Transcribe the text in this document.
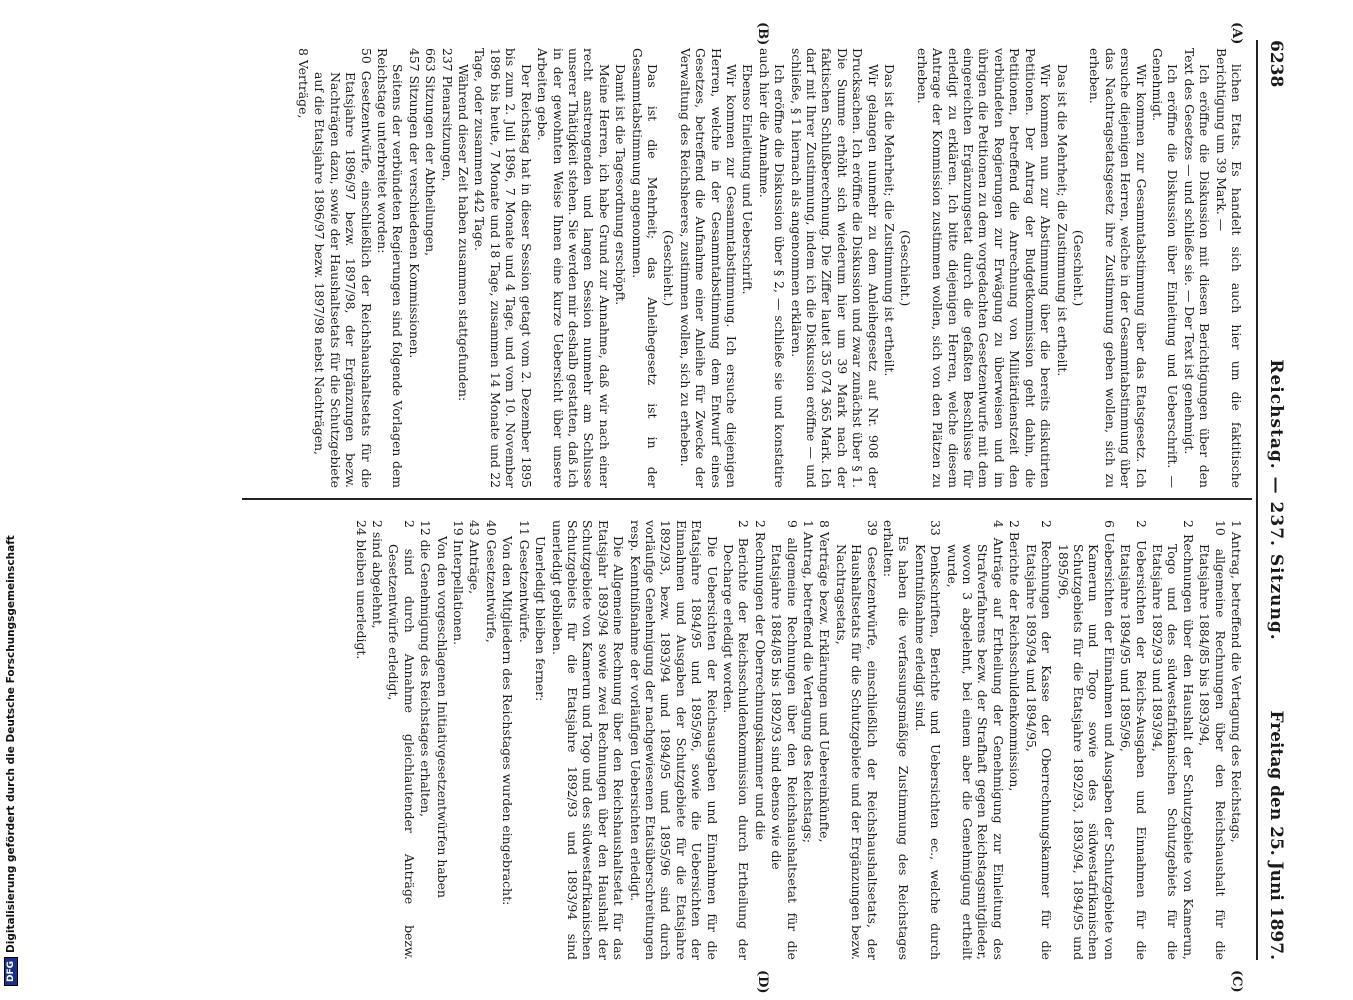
6238
Reichstag. — 237. Sitzung.
Freitag den 25. Juni 1897.
(A)
(B)
(C)
(D)

lichen Etats. Es handelt sich auch hier um die faktitische Berichtigung um 39 Mark. —

Ich eröffne die Diskussion mit diesen Berichtigungen über den Text des Gesetzes — und schließe sie. — Der Text ist genehmigt.

Ich eröffne die Diskussion über Einleitung und Ueberschrift. — Genehmigt.

Wir kommen zur Gesammtabstimmung über das Etatsgesetz. Ich ersuche diejenigen Herren, welche in der Gesammtabstimmung über das Nachtragsetatsgesetz ihre Zustimmung geben wollen, sich zu erheben.

(Geschieht.)

Das ist die Mehrheit; die Zustimmung ist ertheilt.

Wir kommen nun zur Abstimmung über die bereits diskutirten Petitionen. Der Antrag der Budgetkommission geht dahin, die Petitionen, betreffend die Anrechnung von Militärdienstzeit den verbündeten Regierungen zur Erwägung zu überweisen und im übrigen die Petitionen zu dem vorgedachten Gesetzentwurfe mit dem eingereichten Ergänzungsetat durch die gefaßten Beschlüsse für erledigt zu erklären. Ich bitte diejenigen Herren, welche diesem Antrage der Kommission zustimmen wollen, sich von den Plätzen zu erheben.

(Geschieht.)

Das ist die Mehrheit; die Zustimmung ist ertheilt.

Wir gelangen nunmehr zu dem Anleihegesetz auf Nr. 908 der Drucksachen. Ich eröffne die Diskussion und zwar zunächst über § 1. Die Summe erhöht sich wiederum hier um 39 Mark nach der faktischen Schlußberechnung. Die Ziffer lautet 35 074 365 Mark. Ich darf mit Ihrer Zustimmung, indem ich die Diskussion eröffne — und schließe, § 1 hiernach als angenommen erklären.

Ich eröffne die Diskussion über § 2, — schließe sie und konstatire auch hier die Annahme.

Ebenso Einleitung und Ueberschrift.

Wir kommen zur Gesammtabstimmung. Ich ersuche diejenigen Herren, welche in der Gesammtabstimmung dem Entwurf eines Gesetzes, betreffend die Aufnahme einer Anleihe für Zwecke der Verwaltung des Reichsheeres, zustimmen wollen, sich zu erheben.

(Geschieht.)

Das ist die Mehrheit; das Anleihegesetz ist in der Gesammtabstimmung angenommen.

Damit ist die Tagesordnung erschöpft.

Meine Herren, ich habe Grund zur Annahme, daß wir nach einer recht anstrengenden und langen Session nunmehr am Schlusse unserer Thätigkeit stehen. Sie werden mir deshalb gestatten, daß ich in der gewohnten Weise Ihnen eine kurze Uebersicht über unsere Arbeiten gebe.

Der Reichstag hat in dieser Session getagt vom 2. Dezember 1895 bis zum 2. Juli 1896, 7 Monate und 4 Tage, und vom 10. November 1896 bis heute, 7 Monate und 18 Tage, zusammen 14 Monate und 22 Tage, oder zusammen 442 Tage.

Während dieser Zeit haben zusammen stattgefunden:

237 Plenarsitzungen,

663 Sitzungen der Abtheilungen,

457 Sitzungen der verschiedenen Kommissionen.

Seitens der verbündeten Regierungen sind folgende Vorlagen dem Reichstage unterbreitet worden:

50 Gesetzentwürfe, einschließlich der Reichshaushaltsetats für die Etatsjahre 1896/97 bezw. 1897/98, der Ergänzungen bezw. Nachträgen dazu, sowie der Haushaltsetats für die Schutzgebiete auf die Etatsjahre 1896/97 bezw. 1897/98 nebst Nachträgen,

8 Verträge,

1 Antrag, betreffend die Vertagung des Reichstags,

10 allgemeine Rechnungen über den Reichshaushalt für die Etatsjahre 1884/85 bis 1893/94,

2 Rechnungen über den Haushalt der Schutzgebiete von Kamerun, Togo und des südwestafrikanischen Schutzgebiets für die Etatsjahre 1892/93 und 1893/94,

2 Uebersichten der Reichs-Ausgaben und Einnahmen für die Etatsjahre 1894/95 und 1895/96,

6 Uebersichten der Einnahmen und Ausgaben der Schutzgebiete von Kamerun und Togo sowie des südwestafrikanischen Schutzgebiets für die Etatsjahre 1892/93, 1893/94, 1894/95 und 1895/96,

2 Rechnungen der Kasse der Oberrechnungskammer für die Etatsjahre 1893/94 und 1894/95,

2 Berichte der Reichsschuldenkommission,

4 Anträge auf Ertheilung der Genehmigung zur Einleitung des Strafverfahrens bezw. der Strafhaft gegen Reichstagsmitglieder, wovon 3 abgelehnt, bei einem aber die Genehmigung ertheilt wurde,

33 Denkschriften, Berichte und Uebersichten ec., welche durch Kenntnißnahme erledigt sind.

Es haben die verfassungsmäßige Zustimmung des Reichstages erhalten:

39 Gesetzentwürfe, einschließlich der Reichshaushaltsetats, der Haushaltsetats für die Schutzgebiete und der Ergänzungen bezw. Nachtragsetats,

8 Verträge bezw. Erklärungen und Uebereinkünfte,

1 Antrag, betreffend die Vertagung des Reichstags;

9 allgemeine Rechnungen über den Reichshaushaltsetat für die Etatsjahre 1884/85 bis 1892/93 sind ebenso wie die

2 Rechnungen der Oberrechnungskammer und die

2 Berichte der Reichsschuldenkommission durch Ertheilung der Decharge erledigt worden.

Die Uebersichten der Reichsausgaben und Einnahmen für die Etatsjahre 1894/95 und 1895/96, sowie die Uebersichten der Einnahmen und Ausgaben der Schutzgebiete für die Etatsjahre 1892/93, bezw. 1893/94 und 1894/95 und 1895/96 sind durch vorläufige Genehmigung der nachgewiesenen Etatsüberschreitungen resp. Kenntnißnahme der vorläufigen Uebersichten erledigt.

Die Allgemeine Rechnung über den Reichshaushaltsetat für das Etatsjahr 1893/94 sowie zwei Rechnungen über den Haushalt der Schutzgebiete von Kamerun und Togo und des südwestafrikanischen Schutzgebiets für die Etatsjahre 1892/93 und 1893/94 sind unerledigt geblieben.

Unerledigt bleiben ferner:

11 Gesetzentwürfe.

Von den Mitgliedern des Reichstages wurden eingebracht:

40 Gesetzentwürfe,

43 Anträge,

19 Interpellationen.

Von den vorgeschlagenen Initiativgesetzentwürfen haben

12 die Genehmigung des Reichstages erhalten,

2 sind durch Annahme gleichlautender Anträge bezw. Gesetzentwürfe erledigt,

2 sind abgelehnt,

24 bleiben unerledigt.

DFG
Digitalisierung gefördert durch die Deutsche Forschungsgemeinschaft
